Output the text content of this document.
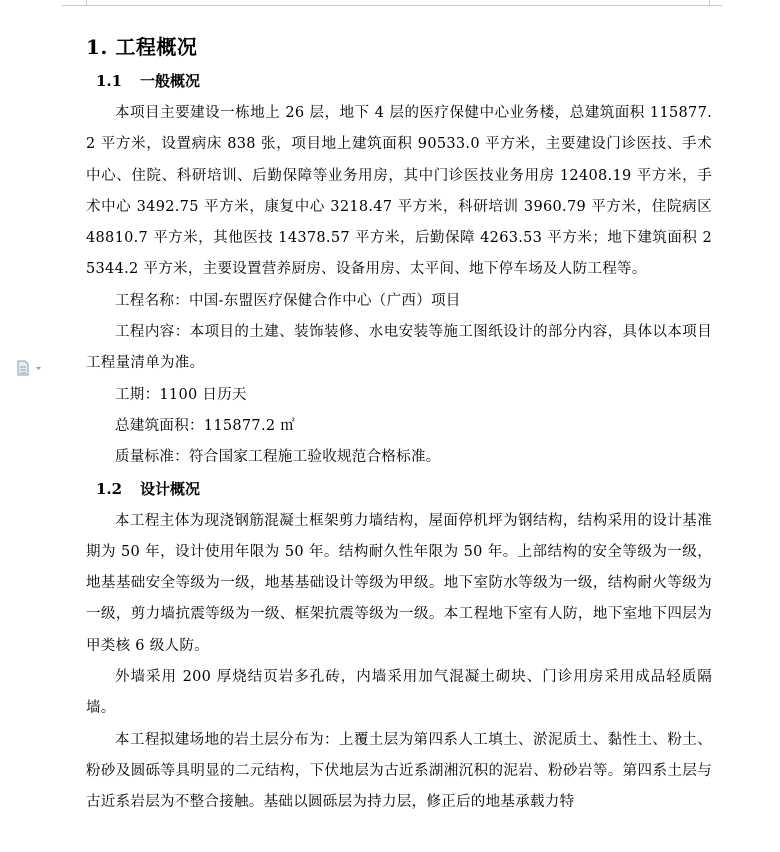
1. 工程概况
1.1 一般概况

本项目主要建设一栋地上 26 层，地下 4 层的医疗保健中心业务楼，总建筑面积 115877.2 平方米，设置病床 838 张，项目地上建筑面积 90533.0 平方米，主要建设门诊医技、手术中心、住院、科研培训、后勤保障等业务用房，其中门诊医技业务用房 12408.19 平方米，手术中心 3492.75 平方米，康复中心 3218.47 平方米，科研培训 3960.79 平方米，住院病区 48810.7 平方米，其他医技 14378.57 平方米，后勤保障 4263.53 平方米；地下建筑面积 25344.2 平方米，主要设置营养厨房、设备用房、太平间、地下停车场及人防工程等。

工程名称：中国-东盟医疗保健合作中心（广西）项目

工程内容：本项目的土建、装饰装修、水电安装等施工图纸设计的部分内容，具体以本项目工程量清单为准。

工期：1100 日历天

总建筑面积：115877.2 ㎡

质量标准：符合国家工程施工验收规范合格标准。

1.2 设计概况

本工程主体为现浇钢筋混凝土框架剪力墙结构，屋面停机坪为钢结构，结构采用的设计基准期为 50 年，设计使用年限为 50 年。结构耐久性年限为 50 年。上部结构的安全等级为一级，地基基础安全等级为一级，地基基础设计等级为甲级。地下室防水等级为一级，结构耐火等级为一级，剪力墙抗震等级为一级、框架抗震等级为一级。本工程地下室有人防，地下室地下四层为甲类核 6 级人防。

外墙采用 200 厚烧结页岩多孔砖，内墙采用加气混凝土砌块、门诊用房采用成品轻质隔墙。

本工程拟建场地的岩土层分布为：上覆土层为第四系人工填土、淤泥质土、黏性土、粉土、粉砂及圆砾等具明显的二元结构，下伏地层为古近系湖湘沉积的泥岩、粉砂岩等。第四系土层与古近系岩层为不整合接触。基础以圆砾层为持力层，修正后的地基承载力特
